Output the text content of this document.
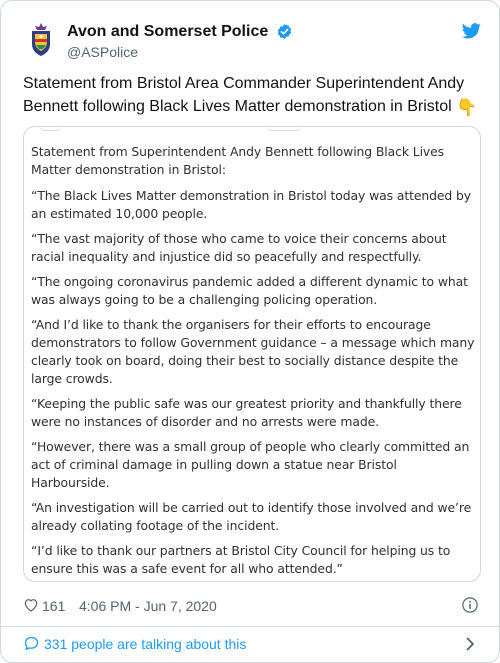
Avon and Somerset Police
@ASPolice
Statement from Bristol Area Commander Superintendent Andy Bennett following Black Lives Matter demonstration in Bristol 👇

Statement from Superintendent Andy Bennett following Black Lives Matter demonstration in Bristol:

“The Black Lives Matter demonstration in Bristol today was attended by an estimated 10,000 people.

“The vast majority of those who came to voice their concerns about racial inequality and injustice did so peacefully and respectfully.

“The ongoing coronavirus pandemic added a different dynamic to what was always going to be a challenging policing operation.

“And I’d like to thank the organisers for their efforts to encourage demonstrators to follow Government guidance – a message which many clearly took on board, doing their best to socially distance despite the large crowds.

“Keeping the public safe was our greatest priority and thankfully there were no instances of disorder and no arrests were made.

“However, there was a small group of people who clearly committed an act of criminal damage in pulling down a statue near Bristol Harbourside.

“An investigation will be carried out to identify those involved and we’re already collating footage of the incident.

“I’d like to thank our partners at Bristol City Council for helping us to ensure this was a safe event for all who attended.”

161 4:06 PM - Jun 7, 2020
331 people are talking about this
